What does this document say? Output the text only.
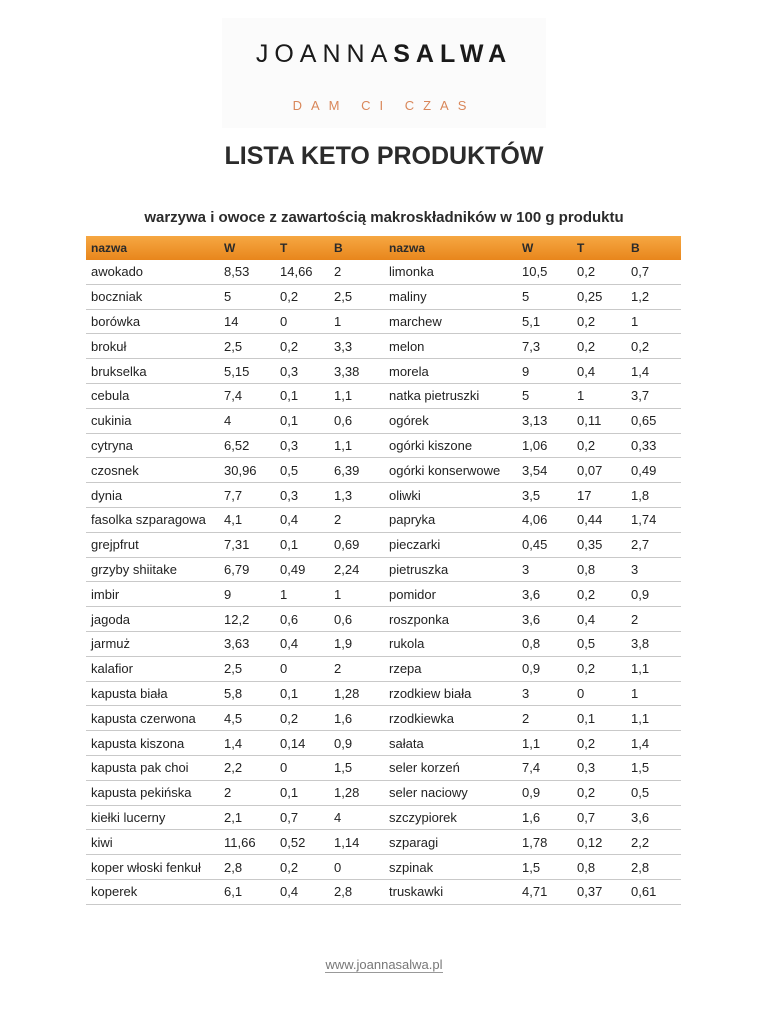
JOANNASALWA
DAM CI CZAS
LISTA KETO PRODUKTÓW
warzywa i owoce z zawartością makroskładników w 100 g produktu
nazwa	W	T	B	nazwa	W	T	B
awokado	8,53	14,66	2	limonka	10,5	0,2	0,7
boczniak	5	0,2	2,5	maliny	5	0,25	1,2
borówka	14	0	1	marchew	5,1	0,2	1
brokuł	2,5	0,2	3,3	melon	7,3	0,2	0,2
brukselka	5,15	0,3	3,38	morela	9	0,4	1,4
cebula	7,4	0,1	1,1	natka pietruszki	5	1	3,7
cukinia	4	0,1	0,6	ogórek	3,13	0,11	0,65
cytryna	6,52	0,3	1,1	ogórki kiszone	1,06	0,2	0,33
czosnek	30,96	0,5	6,39	ogórki konserwowe	3,54	0,07	0,49
dynia	7,7	0,3	1,3	oliwki	3,5	17	1,8
fasolka szparagowa	4,1	0,4	2	papryka	4,06	0,44	1,74
grejpfrut	7,31	0,1	0,69	pieczarki	0,45	0,35	2,7
grzyby shiitake	6,79	0,49	2,24	pietruszka	3	0,8	3
imbir	9	1	1	pomidor	3,6	0,2	0,9
jagoda	12,2	0,6	0,6	roszponka	3,6	0,4	2
jarmuż	3,63	0,4	1,9	rukola	0,8	0,5	3,8
kalafior	2,5	0	2	rzepa	0,9	0,2	1,1
kapusta biała	5,8	0,1	1,28	rzodkiew biała	3	0	1
kapusta czerwona	4,5	0,2	1,6	rzodkiewka	2	0,1	1,1
kapusta kiszona	1,4	0,14	0,9	sałata	1,1	0,2	1,4
kapusta pak choi	2,2	0	1,5	seler korzeń	7,4	0,3	1,5
kapusta pekińska	2	0,1	1,28	seler naciowy	0,9	0,2	0,5
kiełki lucerny	2,1	0,7	4	szczypiorek	1,6	0,7	3,6
kiwi	11,66	0,52	1,14	szparagi	1,78	0,12	2,2
koper włoski fenkuł	2,8	0,2	0	szpinak	1,5	0,8	2,8
koperek	6,1	0,4	2,8	truskawki	4,71	0,37	0,61
www.joannasalwa.pl
